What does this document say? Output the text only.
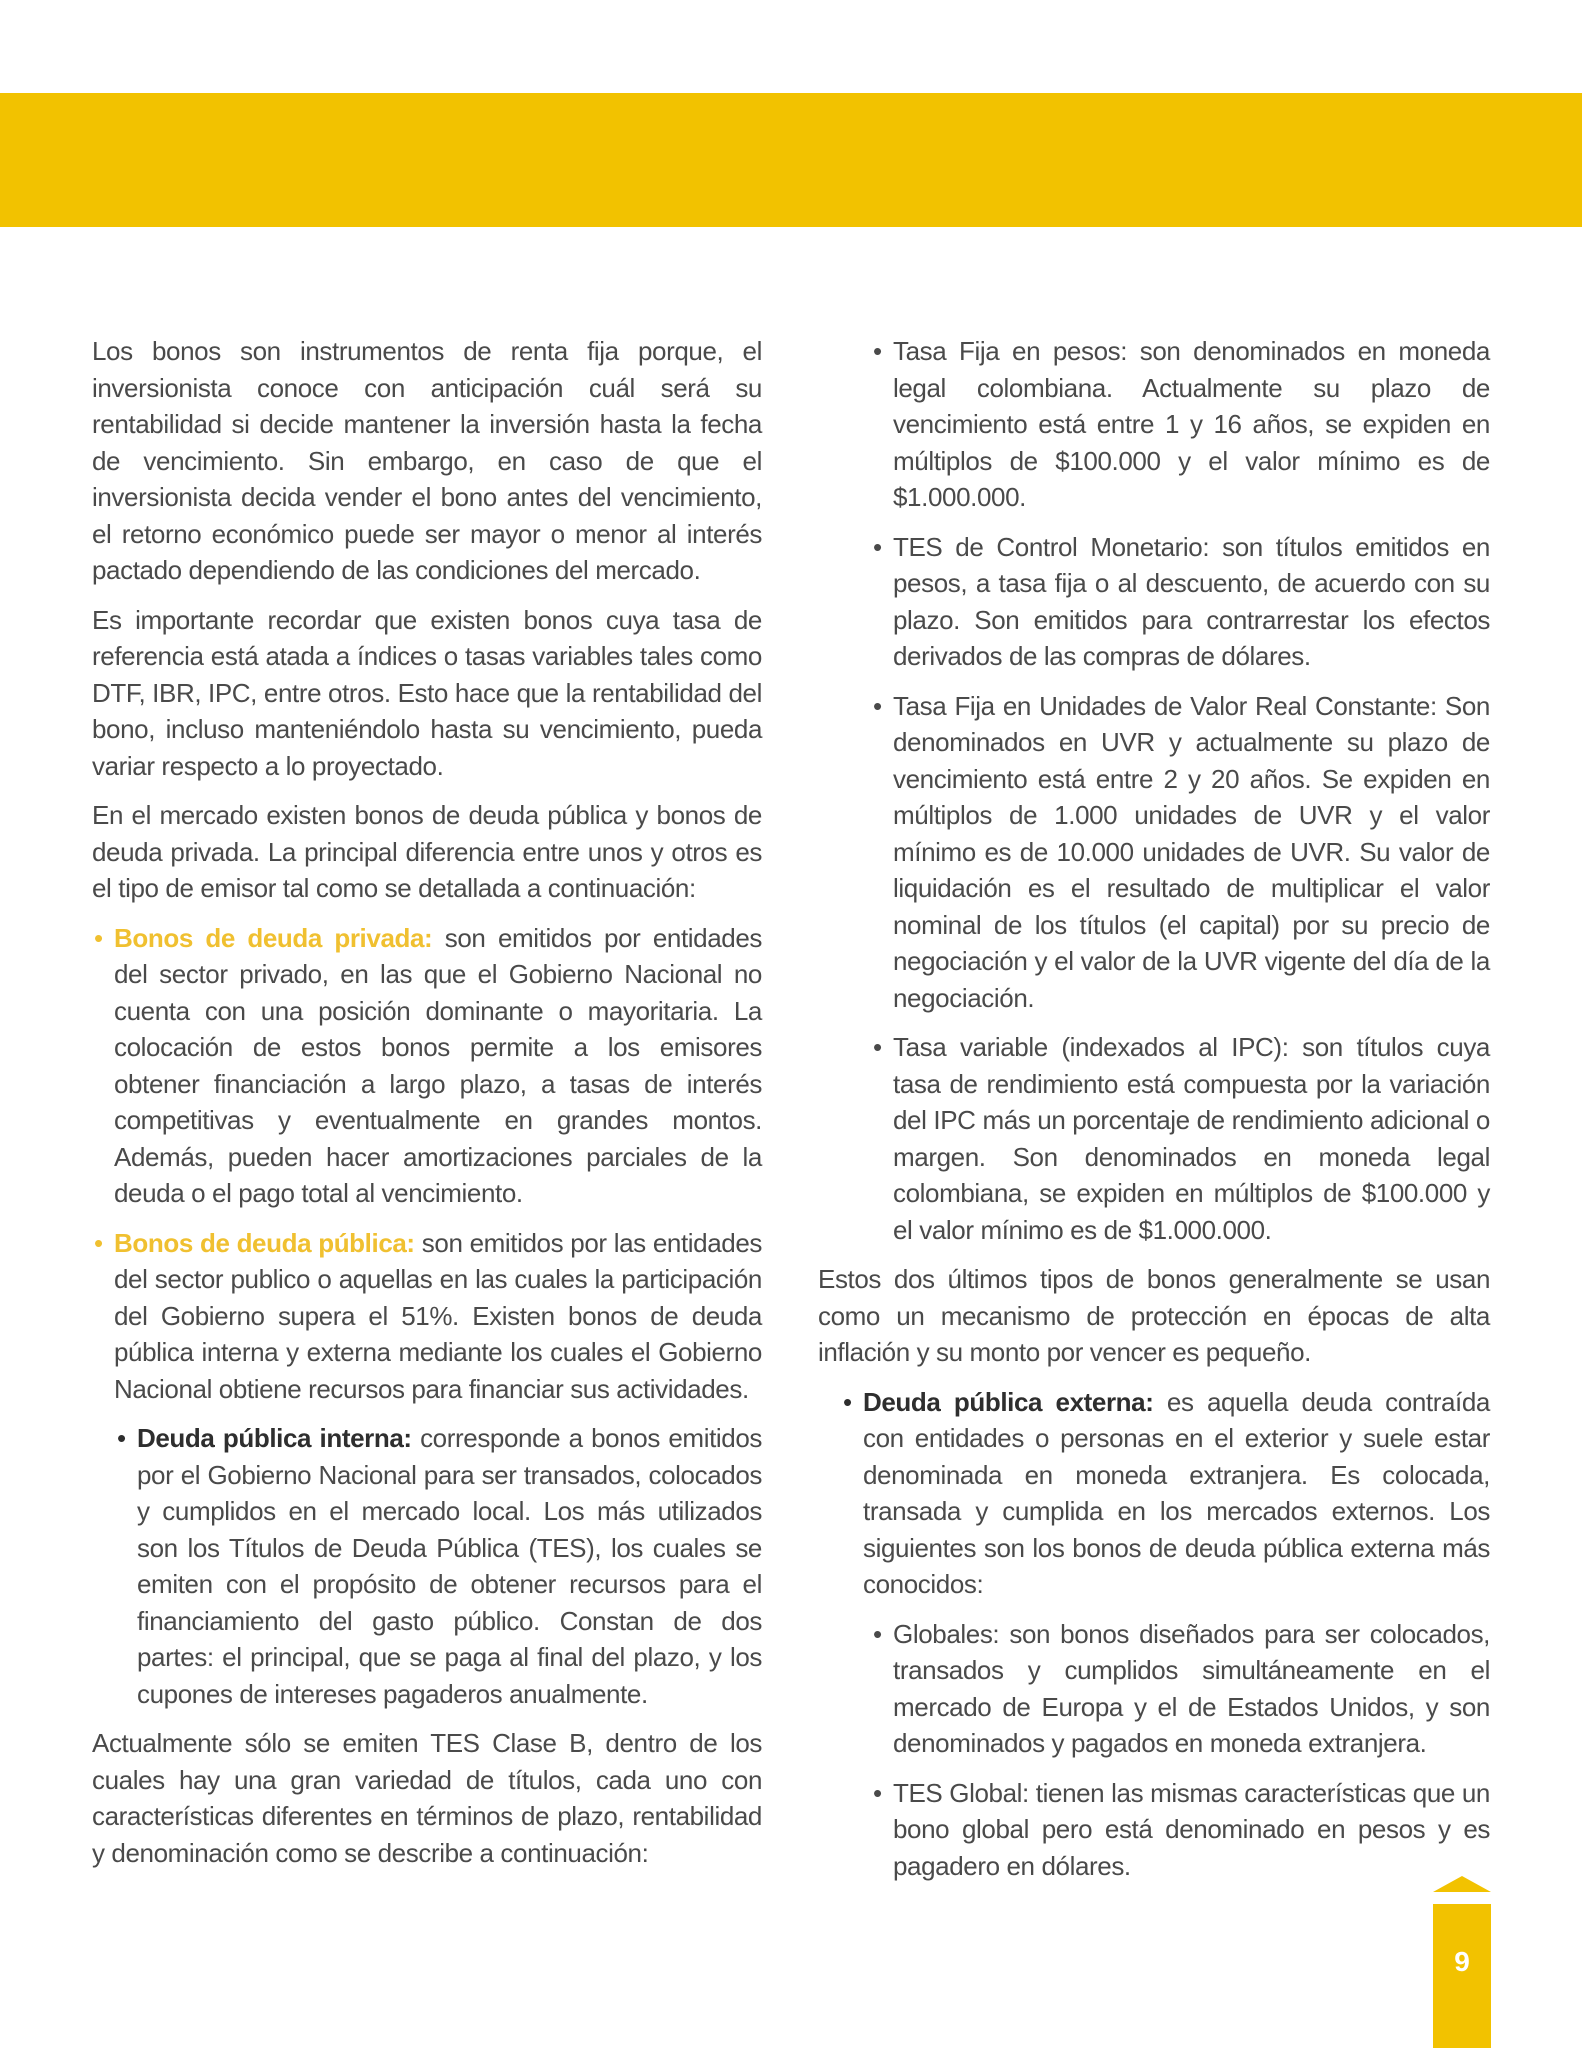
Los bonos son instrumentos de renta fija porque, el inversionista conoce con anticipación cuál será su rentabilidad si decide mantener la inversión hasta la fecha de vencimiento. Sin embargo, en caso de que el inversionista decida vender el bono antes del vencimiento, el retorno económico puede ser mayor o menor al interés pactado dependiendo de las condiciones del mercado.

Es importante recordar que existen bonos cuya tasa de referencia está atada a índices o tasas variables tales como DTF, IBR, IPC, entre otros. Esto hace que la rentabilidad del bono, incluso manteniéndolo hasta su vencimiento, pueda variar respecto a lo proyectado.

En el mercado existen bonos de deuda pública y bonos de deuda privada. La principal diferencia entre unos y otros es el tipo de emisor tal como se detallada a continuación:

• Bonos de deuda privada: son emitidos por entidades del sector privado, en las que el Gobierno Nacional no cuenta con una posición dominante o mayoritaria. La colocación de estos bonos permite a los emisores obtener financiación a largo plazo, a tasas de interés competitivas y eventualmente en grandes montos. Además, pueden hacer amortizaciones parciales de la deuda o el pago total al vencimiento.
• Bonos de deuda pública: son emitidos por las entidades del sector publico o aquellas en las cuales la participación del Gobierno supera el 51%. Existen bonos de deuda pública interna y externa mediante los cuales el Gobierno Nacional obtiene recursos para financiar sus actividades.
• Deuda pública interna: corresponde a bonos emitidos por el Gobierno Nacional para ser transados, colocados y cumplidos en el mercado local. Los más utilizados son los Títulos de Deuda Pública (TES), los cuales se emiten con el propósito de obtener recursos para el financiamiento del gasto público. Constan de dos partes: el principal, que se paga al final del plazo, y los cupones de intereses pagaderos anualmente.

Actualmente sólo se emiten TES Clase B, dentro de los cuales hay una gran variedad de títulos, cada uno con características diferentes en términos de plazo, rentabilidad y denominación como se describe a continuación:

• Tasa Fija en pesos: son denominados en moneda legal colombiana. Actualmente su plazo de vencimiento está entre 1 y 16 años, se expiden en múltiplos de $100.000 y el valor mínimo es de $1.000.000.
• TES de Control Monetario: son títulos emitidos en pesos, a tasa fija o al descuento, de acuerdo con su plazo. Son emitidos para contrarrestar los efectos derivados de las compras de dólares.
• Tasa Fija en Unidades de Valor Real Constante: Son denominados en UVR y actualmente su plazo de vencimiento está entre 2 y 20 años. Se expiden en múltiplos de 1.000 unidades de UVR y el valor mínimo es de 10.000 unidades de UVR. Su valor de liquidación es el resultado de multiplicar el valor nominal de los títulos (el capital) por su precio de negociación y el valor de la UVR vigente del día de la negociación.
• Tasa variable (indexados al IPC): son títulos cuya tasa de rendimiento está compuesta por la variación del IPC más un porcentaje de rendimiento adicional o margen. Son denominados en moneda legal colombiana, se expiden en múltiplos de $100.000 y el valor mínimo es de $1.000.000.

Estos dos últimos tipos de bonos generalmente se usan como un mecanismo de protección en épocas de alta inflación y su monto por vencer es pequeño.

• Deuda pública externa: es aquella deuda contraída con entidades o personas en el exterior y suele estar denominada en moneda extranjera. Es colocada, transada y cumplida en los mercados externos. Los siguientes son los bonos de deuda pública externa más conocidos:
• Globales: son bonos diseñados para ser colocados, transados y cumplidos simultáneamente en el mercado de Europa y el de Estados Unidos, y son denominados y pagados en moneda extranjera.
• TES Global: tienen las mismas características que un bono global pero está denominado en pesos y es pagadero en dólares.
9
